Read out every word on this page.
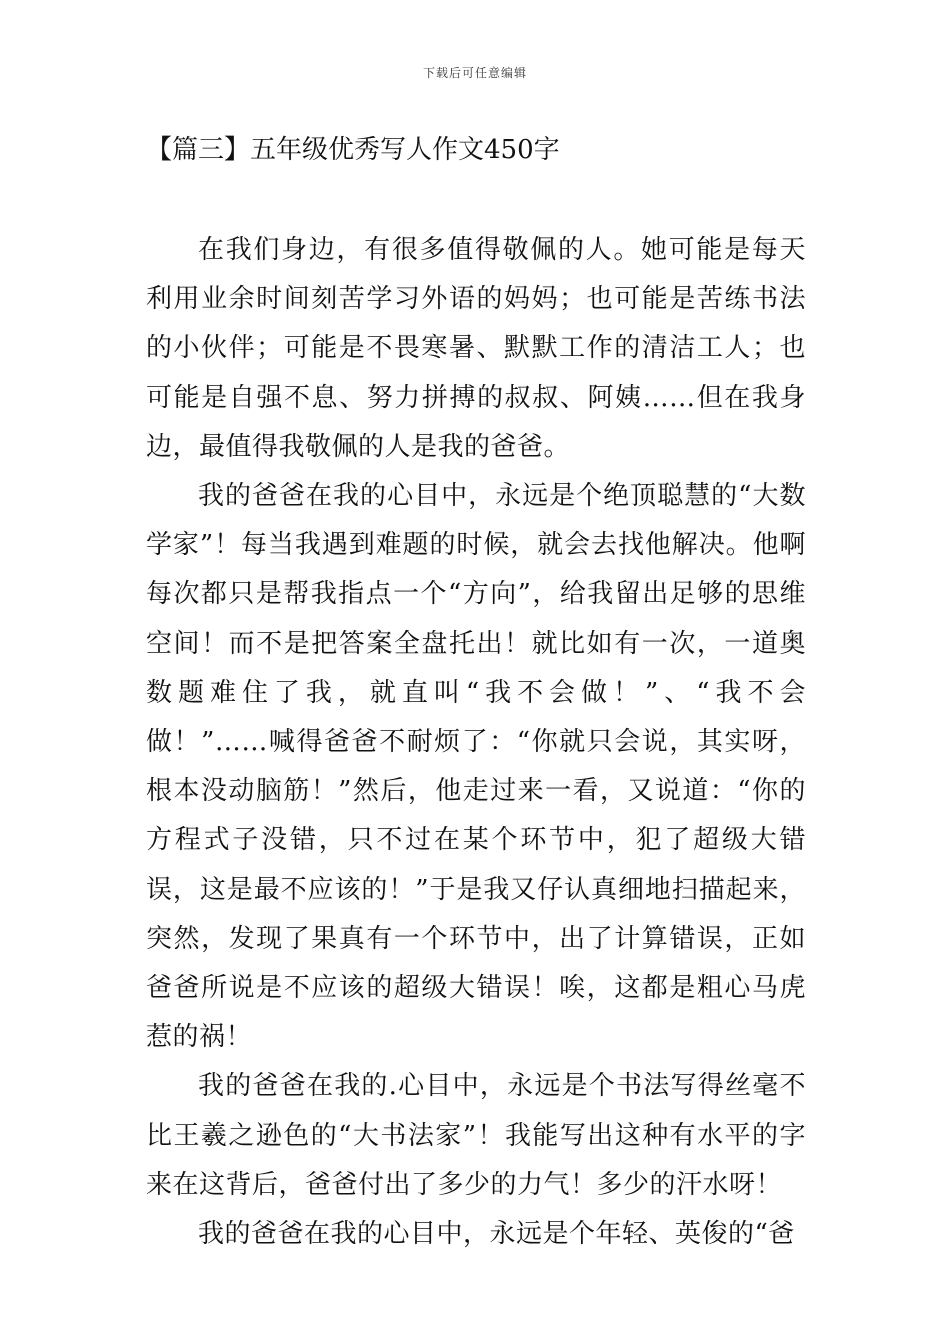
下载后可任意编辑
【篇三】五年级优秀写人作文450字

在我们身边，有很多值得敬佩的人。她可能是每天利用业余时间刻苦学习外语的妈妈；也可能是苦练书法的小伙伴；可能是不畏寒暑、默默工作的清洁工人；也可能是自强不息、努力拼搏的叔叔、阿姨……但在我身边，最值得我敬佩的人是我的爸爸。

我的爸爸在我的心目中，永远是个绝顶聪慧的“大数学家”！每当我遇到难题的时候，就会去找他解决。他啊每次都只是帮我指点一个“方向”，给我留出足够的思维空间！而不是把答案全盘托出！就比如有一次，一道奥数题难住了我，就直叫“我不会做！”、“我不会做！”……喊得爸爸不耐烦了：“你就只会说，其实呀，根本没动脑筋！”然后，他走过来一看，又说道：“你的方程式子没错，只不过在某个环节中，犯了超级大错误，这是最不应该的！”于是我又仔认真细地扫描起来，突然，发现了果真有一个环节中，出了计算错误，正如爸爸所说是不应该的超级大错误！唉，这都是粗心马虎惹的祸！

我的爸爸在我的.心目中，永远是个书法写得丝毫不比王羲之逊色的“大书法家”！我能写出这种有水平的字来在这背后，爸爸付出了多少的力气！多少的汗水呀！

我的爸爸在我的心目中，永远是个年轻、英俊的“爸
